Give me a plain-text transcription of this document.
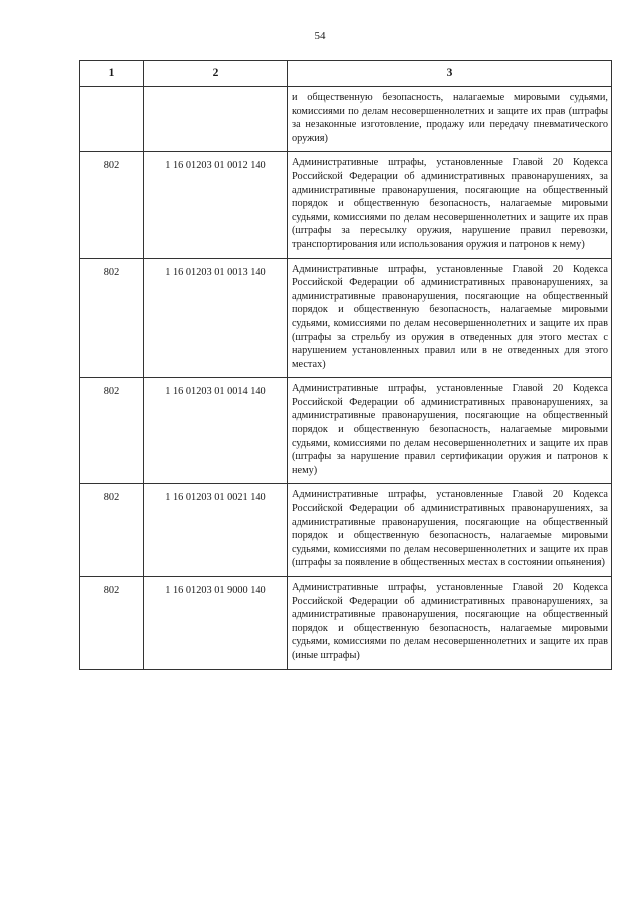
54
1	2	3
		и общественную безопасность, налагаемые мировыми судьями, комиссиями по делам несовершеннолетних и защите их прав (штрафы за незаконные изготовление, продажу или передачу пневматического оружия)
802	1 16 01203 01 0012 140	Административные штрафы, установленные Главой 20 Кодекса Российской Федерации об административных правонарушениях, за административные правонарушения, посягающие на общественный порядок и общественную безопасность, налагаемые мировыми судьями, комиссиями по делам несовершеннолетних и защите их прав (штрафы за пересылку оружия, нарушение правил перевозки, транспортирования или использования оружия и патронов к нему)
802	1 16 01203 01 0013 140	Административные штрафы, установленные Главой 20 Кодекса Российской Федерации об административных правонарушениях, за административные правонарушения, посягающие на общественный порядок и общественную безопасность, налагаемые мировыми судьями, комиссиями по делам несовершеннолетних и защите их прав (штрафы за стрельбу из оружия в отведенных для этого местах с нарушением установленных правил или в не отведенных для этого местах)
802	1 16 01203 01 0014 140	Административные штрафы, установленные Главой 20 Кодекса Российской Федерации об административных правонарушениях, за административные правонарушения, посягающие на общественный порядок и общественную безопасность, налагаемые мировыми судьями, комиссиями по делам несовершеннолетних и защите их прав (штрафы за нарушение правил сертификации оружия и патронов к нему)
802	1 16 01203 01 0021 140	Административные штрафы, установленные Главой 20 Кодекса Российской Федерации об административных правонарушениях, за административные правонарушения, посягающие на общественный порядок и общественную безопасность, налагаемые мировыми судьями, комиссиями по делам несовершеннолетних и защите их прав (штрафы за появление в общественных местах в состоянии опьянения)
802	1 16 01203 01 9000 140	Административные штрафы, установленные Главой 20 Кодекса Российской Федерации об административных правонарушениях, за административные правонарушения, посягающие на общественный порядок и общественную безопасность, налагаемые мировыми судьями, комиссиями по делам несовершеннолетних и защите их прав (иные штрафы)
